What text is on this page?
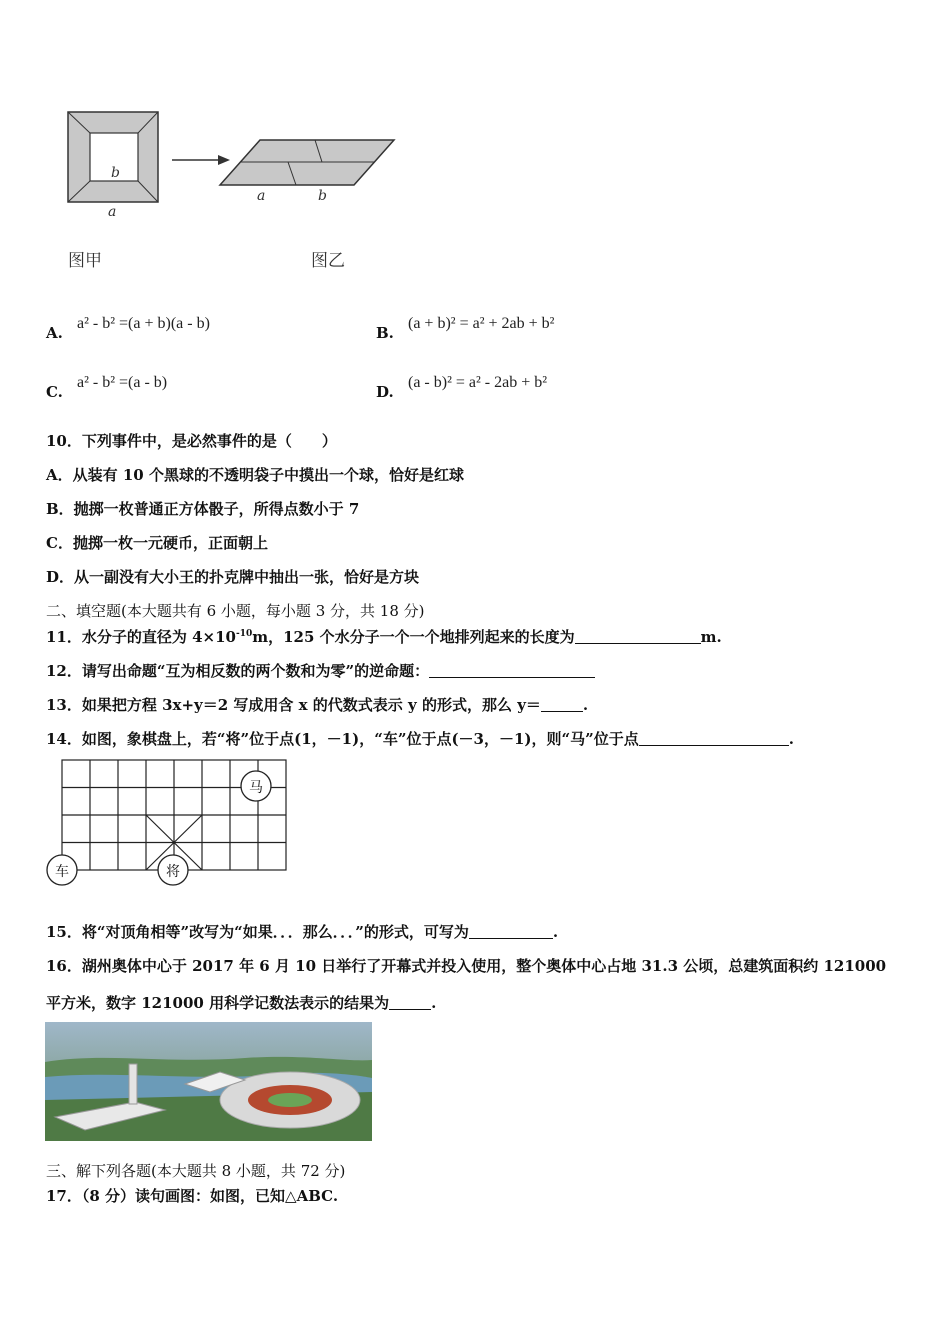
b
a
a	b
图甲	图乙
A.
a² - b² =(a + b)(a - b)
B.
(a + b)² = a² + 2ab + b²
C.
a² - b² =(a - b)
D.
(a - b)² = a² - 2ab + b²
10．下列事件中，是必然事件的是（　　）
A．从装有 10 个黑球的不透明袋子中摸出一个球，恰好是红球
B．抛掷一枚普通正方体骰子，所得点数小于 7
C．抛掷一枚一元硬币，正面朝上
D．从一副没有大小王的扑克牌中抽出一张，恰好是方块
二、填空题(本大题共有 6 小题，每小题 3 分，共 18 分)
11．水分子的直径为 $4\times 10^{-10}m$，125 个水分子一个一个地排列起来的长度为	m.
12．请写出命题“互为相反数的两个数和为零”的逆命题：
13．如果把方程 3x+y＝2 写成用含 x 的代数式表示 y 的形式，那么 y＝	.
14．如图，象棋盘上，若“将”位于点(1，－1)，“车”位于点(－3，－1)，则“马”位于点	.
马
车	将
15．将“对顶角相等”改写为“如果．．．那么．．．”的形式，可写为	.
16．湖州奥体中心于 2017 年 6 月 10 日举行了开幕式并投入使用，整个奥体中心占地 31.3 公顷，总建筑面积约 121000
平方米，数字 121000 用科学记数法表示的结果为	.
三、解下列各题(本大题共 8 小题，共 72 分)
17．（8 分）读句画图：如图，已知△ABC.
